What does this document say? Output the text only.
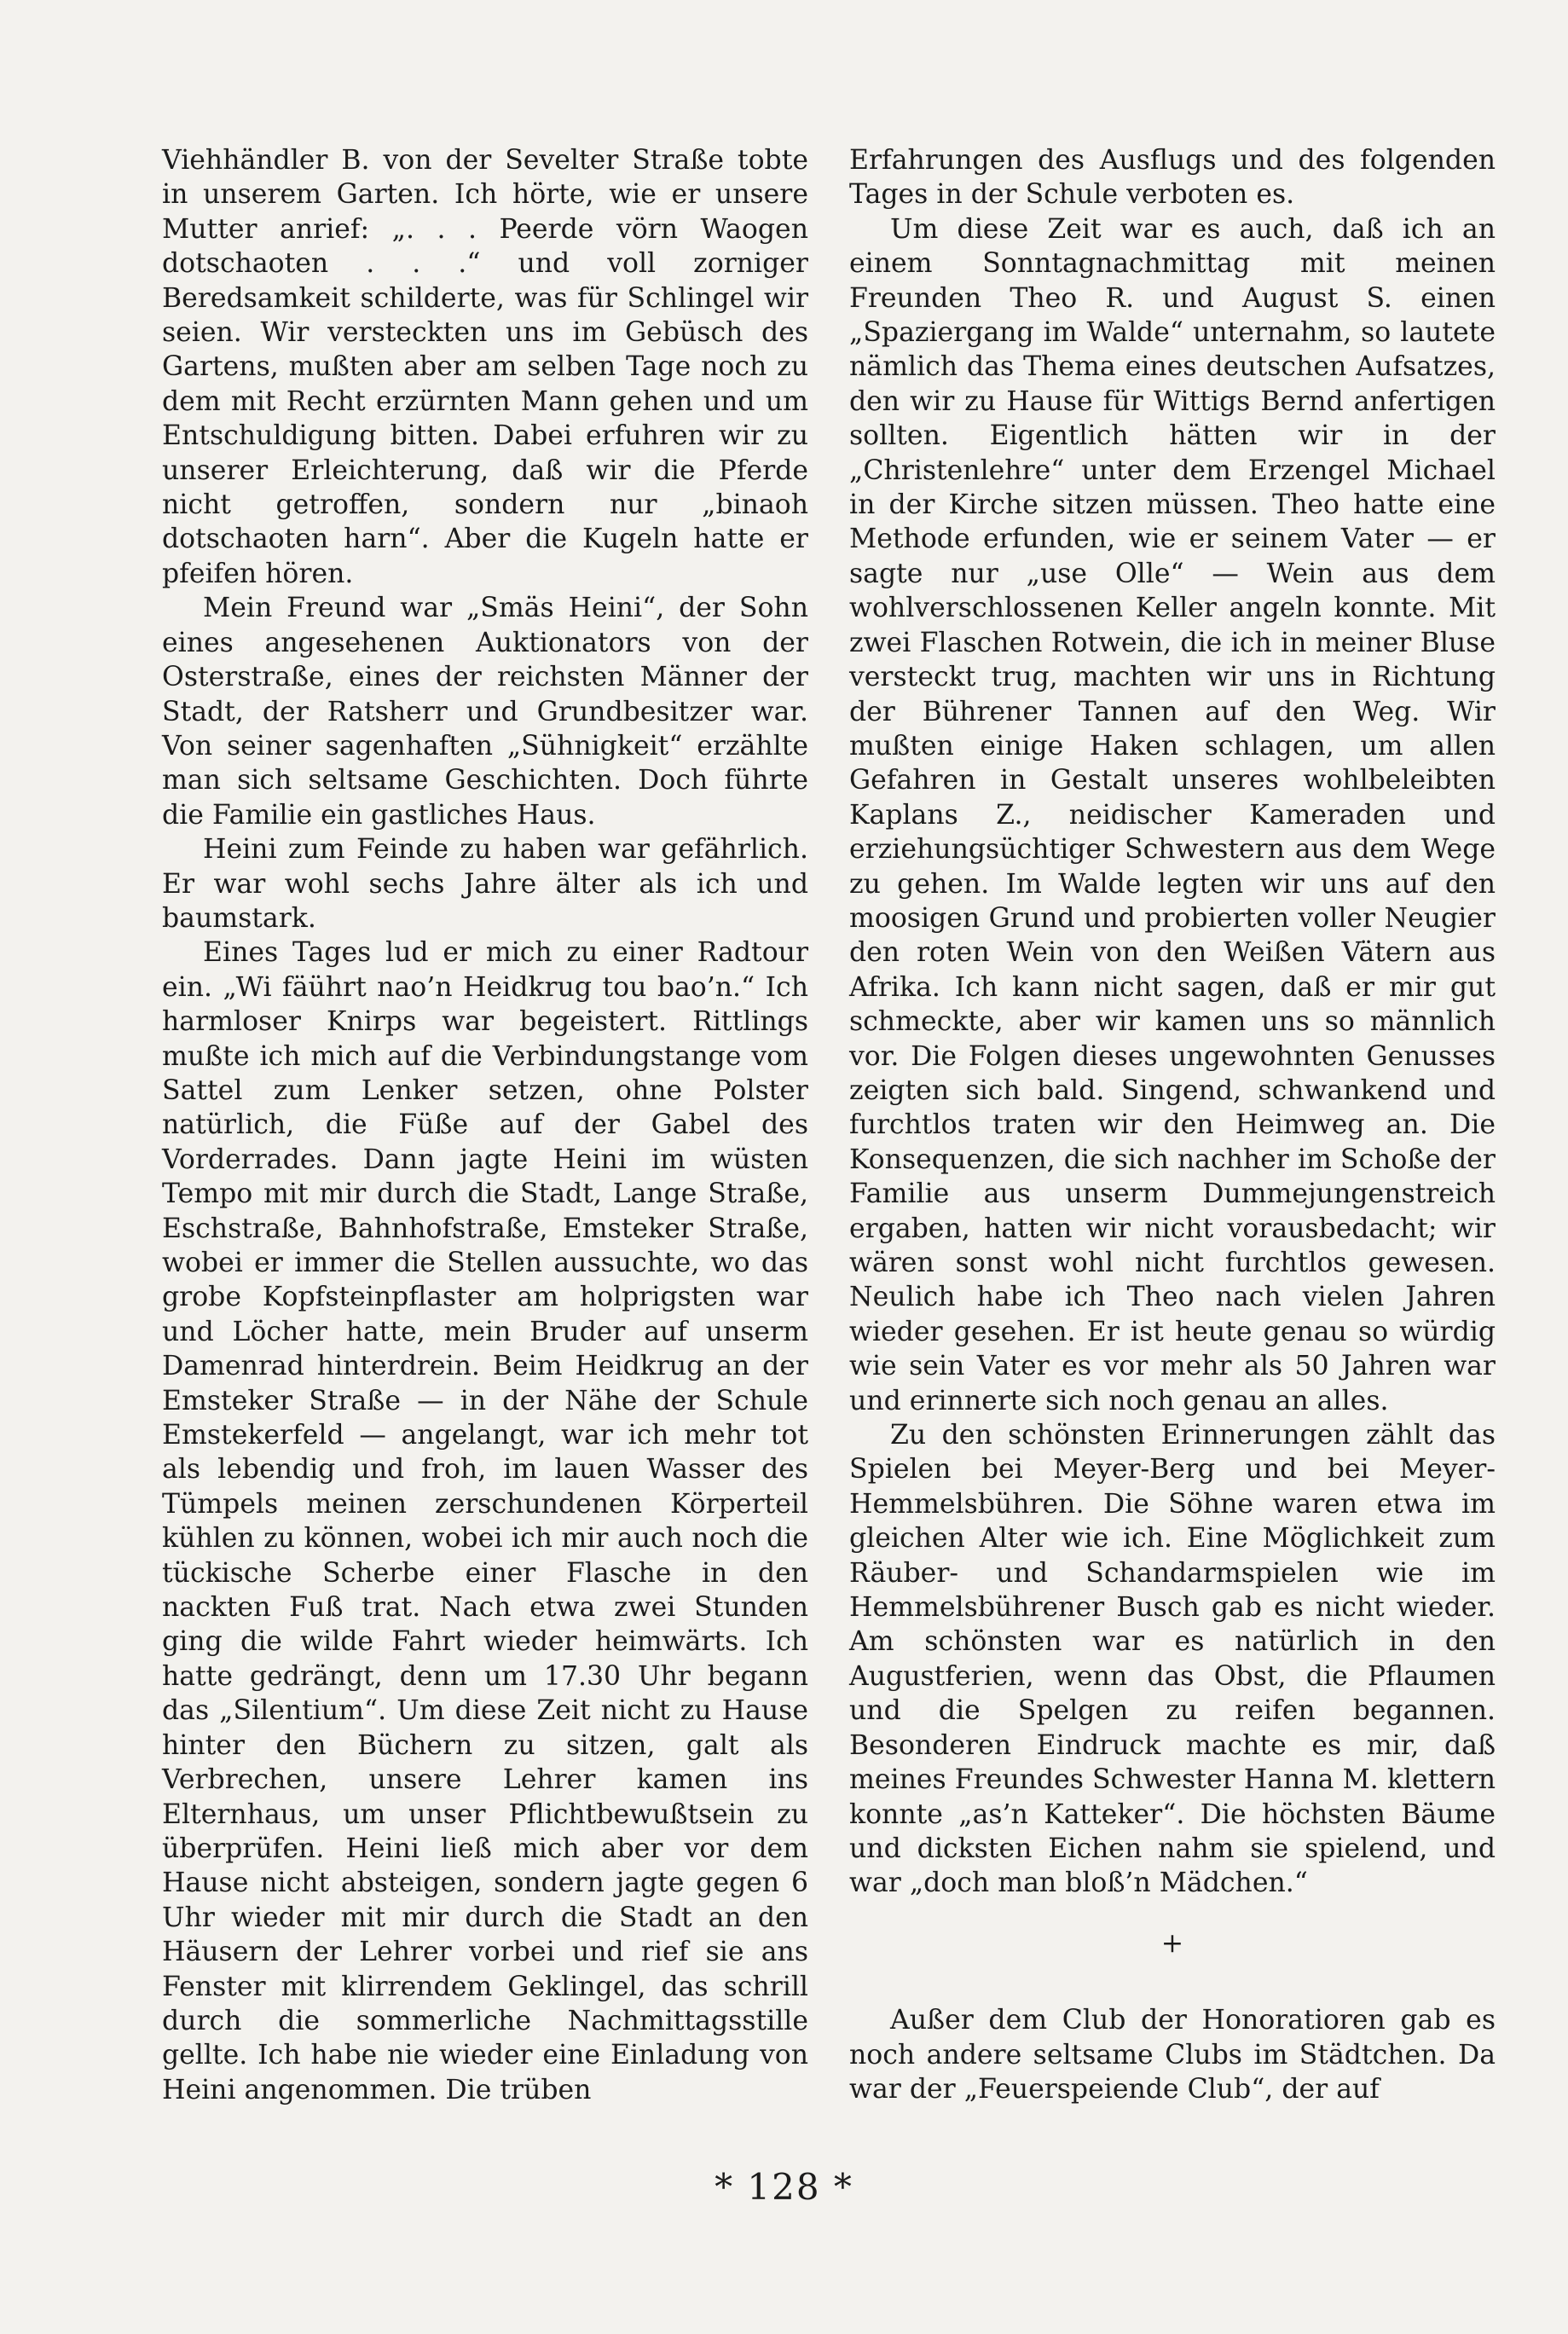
Viehhändler B. von der Sevelter Straße tobte in unserem Garten. Ich hörte, wie er unsere Mutter anrief: „. . . Peerde vörn Waogen dotschaoten . . .“ und voll zorniger Beredsamkeit schilderte, was für Schlingel wir seien. Wir versteckten uns im Gebüsch des Gartens, mußten aber am selben Tage noch zu dem mit Recht erzürnten Mann gehen und um Entschuldigung bitten. Dabei erfuhren wir zu unserer Erleichterung, daß wir die Pferde nicht getroffen, sondern nur „binaoh dotschaoten harn“. Aber die Kugeln hatte er pfeifen hören.

Mein Freund war „Smäs Heini“, der Sohn eines angesehenen Auktionators von der Osterstraße, eines der reichsten Männer der Stadt, der Ratsherr und Grundbesitzer war. Von seiner sagenhaften „Sühnigkeit“ erzählte man sich seltsame Geschichten. Doch führte die Familie ein gastliches Haus.

Heini zum Feinde zu haben war gefährlich. Er war wohl sechs Jahre älter als ich und baumstark.

Eines Tages lud er mich zu einer Radtour ein. „Wi fäührt nao’n Heidkrug tou bao’n.“ Ich harmloser Knirps war begeistert. Rittlings mußte ich mich auf die Verbindungstange vom Sattel zum Lenker setzen, ohne Polster natürlich, die Füße auf der Gabel des Vorderrades. Dann jagte Heini im wüsten Tempo mit mir durch die Stadt, Lange Straße, Eschstraße, Bahnhofstraße, Emsteker Straße, wobei er immer die Stellen aussuchte, wo das grobe Kopfsteinpflaster am holprigsten war und Löcher hatte, mein Bruder auf unserm Damenrad hinterdrein. Beim Heidkrug an der Emsteker Straße — in der Nähe der Schule Emstekerfeld — angelangt, war ich mehr tot als lebendig und froh, im lauen Wasser des Tümpels meinen zerschundenen Körperteil kühlen zu können, wobei ich mir auch noch die tückische Scherbe einer Flasche in den nackten Fuß trat. Nach etwa zwei Stunden ging die wilde Fahrt wieder heimwärts. Ich hatte gedrängt, denn um 17.30 Uhr begann das „Silentium“. Um diese Zeit nicht zu Hause hinter den Büchern zu sitzen, galt als Verbrechen, unsere Lehrer kamen ins Elternhaus, um unser Pflichtbewußtsein zu überprüfen. Heini ließ mich aber vor dem Hause nicht absteigen, sondern jagte gegen 6 Uhr wieder mit mir durch die Stadt an den Häusern der Lehrer vorbei und rief sie ans Fenster mit klirrendem Geklingel, das schrill durch die sommerliche Nachmittagsstille gellte. Ich habe nie wieder eine Einladung von Heini angenommen. Die trüben

Erfahrungen des Ausflugs und des folgenden Tages in der Schule verboten es.

Um diese Zeit war es auch, daß ich an einem Sonntagnachmittag mit meinen Freunden Theo R. und August S. einen „Spaziergang im Walde“ unternahm, so lautete nämlich das Thema eines deutschen Aufsatzes, den wir zu Hause für Wittigs Bernd anfertigen sollten. Eigentlich hätten wir in der „Christenlehre“ unter dem Erzengel Michael in der Kirche sitzen müssen. Theo hatte eine Methode erfunden, wie er seinem Vater — er sagte nur „use Olle“ — Wein aus dem wohlverschlossenen Keller angeln konnte. Mit zwei Flaschen Rotwein, die ich in meiner Bluse versteckt trug, machten wir uns in Richtung der Bührener Tannen auf den Weg. Wir mußten einige Haken schlagen, um allen Gefahren in Gestalt unseres wohlbeleibten Kaplans Z., neidischer Kameraden und erziehungsüchtiger Schwestern aus dem Wege zu gehen. Im Walde legten wir uns auf den moosigen Grund und probierten voller Neugier den roten Wein von den Weißen Vätern aus Afrika. Ich kann nicht sagen, daß er mir gut schmeckte, aber wir kamen uns so männlich vor. Die Folgen dieses ungewohnten Genusses zeigten sich bald. Singend, schwankend und furchtlos traten wir den Heimweg an. Die Konsequenzen, die sich nachher im Schoße der Familie aus unserm Dummejungenstreich ergaben, hatten wir nicht vorausbedacht; wir wären sonst wohl nicht furchtlos gewesen. Neulich habe ich Theo nach vielen Jahren wieder gesehen. Er ist heute genau so würdig wie sein Vater es vor mehr als 50 Jahren war und erinnerte sich noch genau an alles.

Zu den schönsten Erinnerungen zählt das Spielen bei Meyer-Berg und bei Meyer-Hemmelsbühren. Die Söhne waren etwa im gleichen Alter wie ich. Eine Möglichkeit zum Räuber- und Schandarmspielen wie im Hemmelsbührener Busch gab es nicht wieder. Am schönsten war es natürlich in den Augustferien, wenn das Obst, die Pflaumen und die Spelgen zu reifen begannen. Besonderen Eindruck machte es mir, daß meines Freundes Schwester Hanna M. klettern konnte „as’n Katteker“. Die höchsten Bäume und dicksten Eichen nahm sie spielend, und war „doch man bloß’n Mädchen.“

+

Außer dem Club der Honoratioren gab es noch andere seltsame Clubs im Städtchen. Da war der „Feuerspeiende Club“, der auf

* 128 *
